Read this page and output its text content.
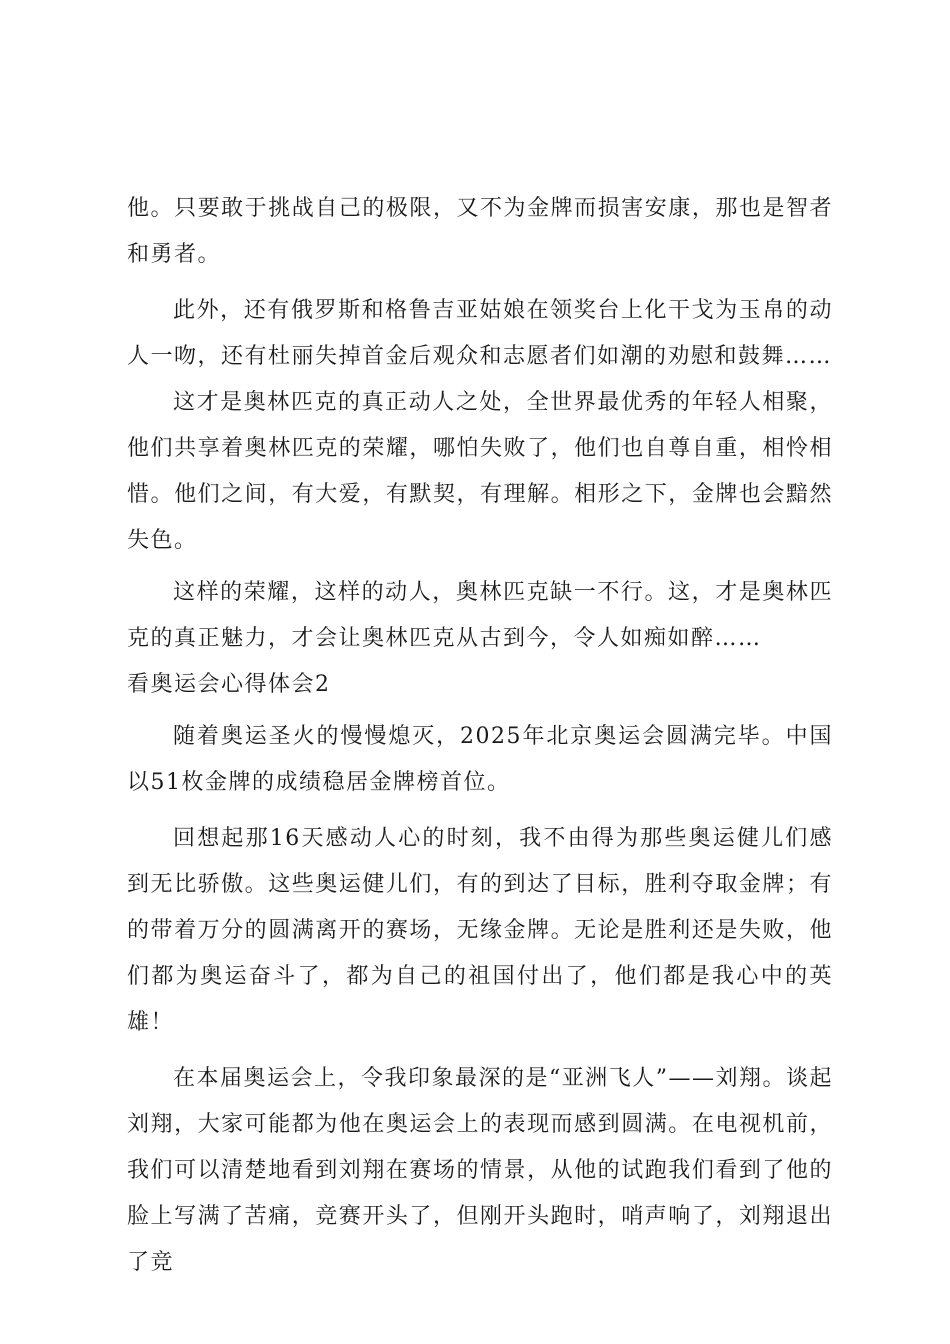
他。只要敢于挑战自己的极限，又不为金牌而损害安康，那也是智者和勇者。

此外，还有俄罗斯和格鲁吉亚姑娘在领奖台上化干戈为玉帛的动人一吻，还有杜丽失掉首金后观众和志愿者们如潮的劝慰和鼓舞……

这才是奥林匹克的真正动人之处，全世界最优秀的年轻人相聚，他们共享着奥林匹克的荣耀，哪怕失败了，他们也自尊自重，相怜相惜。他们之间，有大爱，有默契，有理解。相形之下，金牌也会黯然失色。

这样的荣耀，这样的动人，奥林匹克缺一不行。这，才是奥林匹克的真正魅力，才会让奥林匹克从古到今，令人如痴如醉……

看奥运会心得体会2

随着奥运圣火的慢慢熄灭，2025年北京奥运会圆满完毕。中国以51枚金牌的成绩稳居金牌榜首位。

回想起那16天感动人心的时刻，我不由得为那些奥运健儿们感到无比骄傲。这些奥运健儿们，有的到达了目标，胜利夺取金牌；有的带着万分的圆满离开的赛场，无缘金牌。无论是胜利还是失败，他们都为奥运奋斗了，都为自己的祖国付出了，他们都是我心中的英雄！

在本届奥运会上，令我印象最深的是“亚洲飞人”——刘翔。谈起刘翔，大家可能都为他在奥运会上的表现而感到圆满。在电视机前，我们可以清楚地看到刘翔在赛场的情景，从他的试跑我们看到了他的脸上写满了苦痛，竞赛开头了，但刚开头跑时，哨声响了，刘翔退出了竞
